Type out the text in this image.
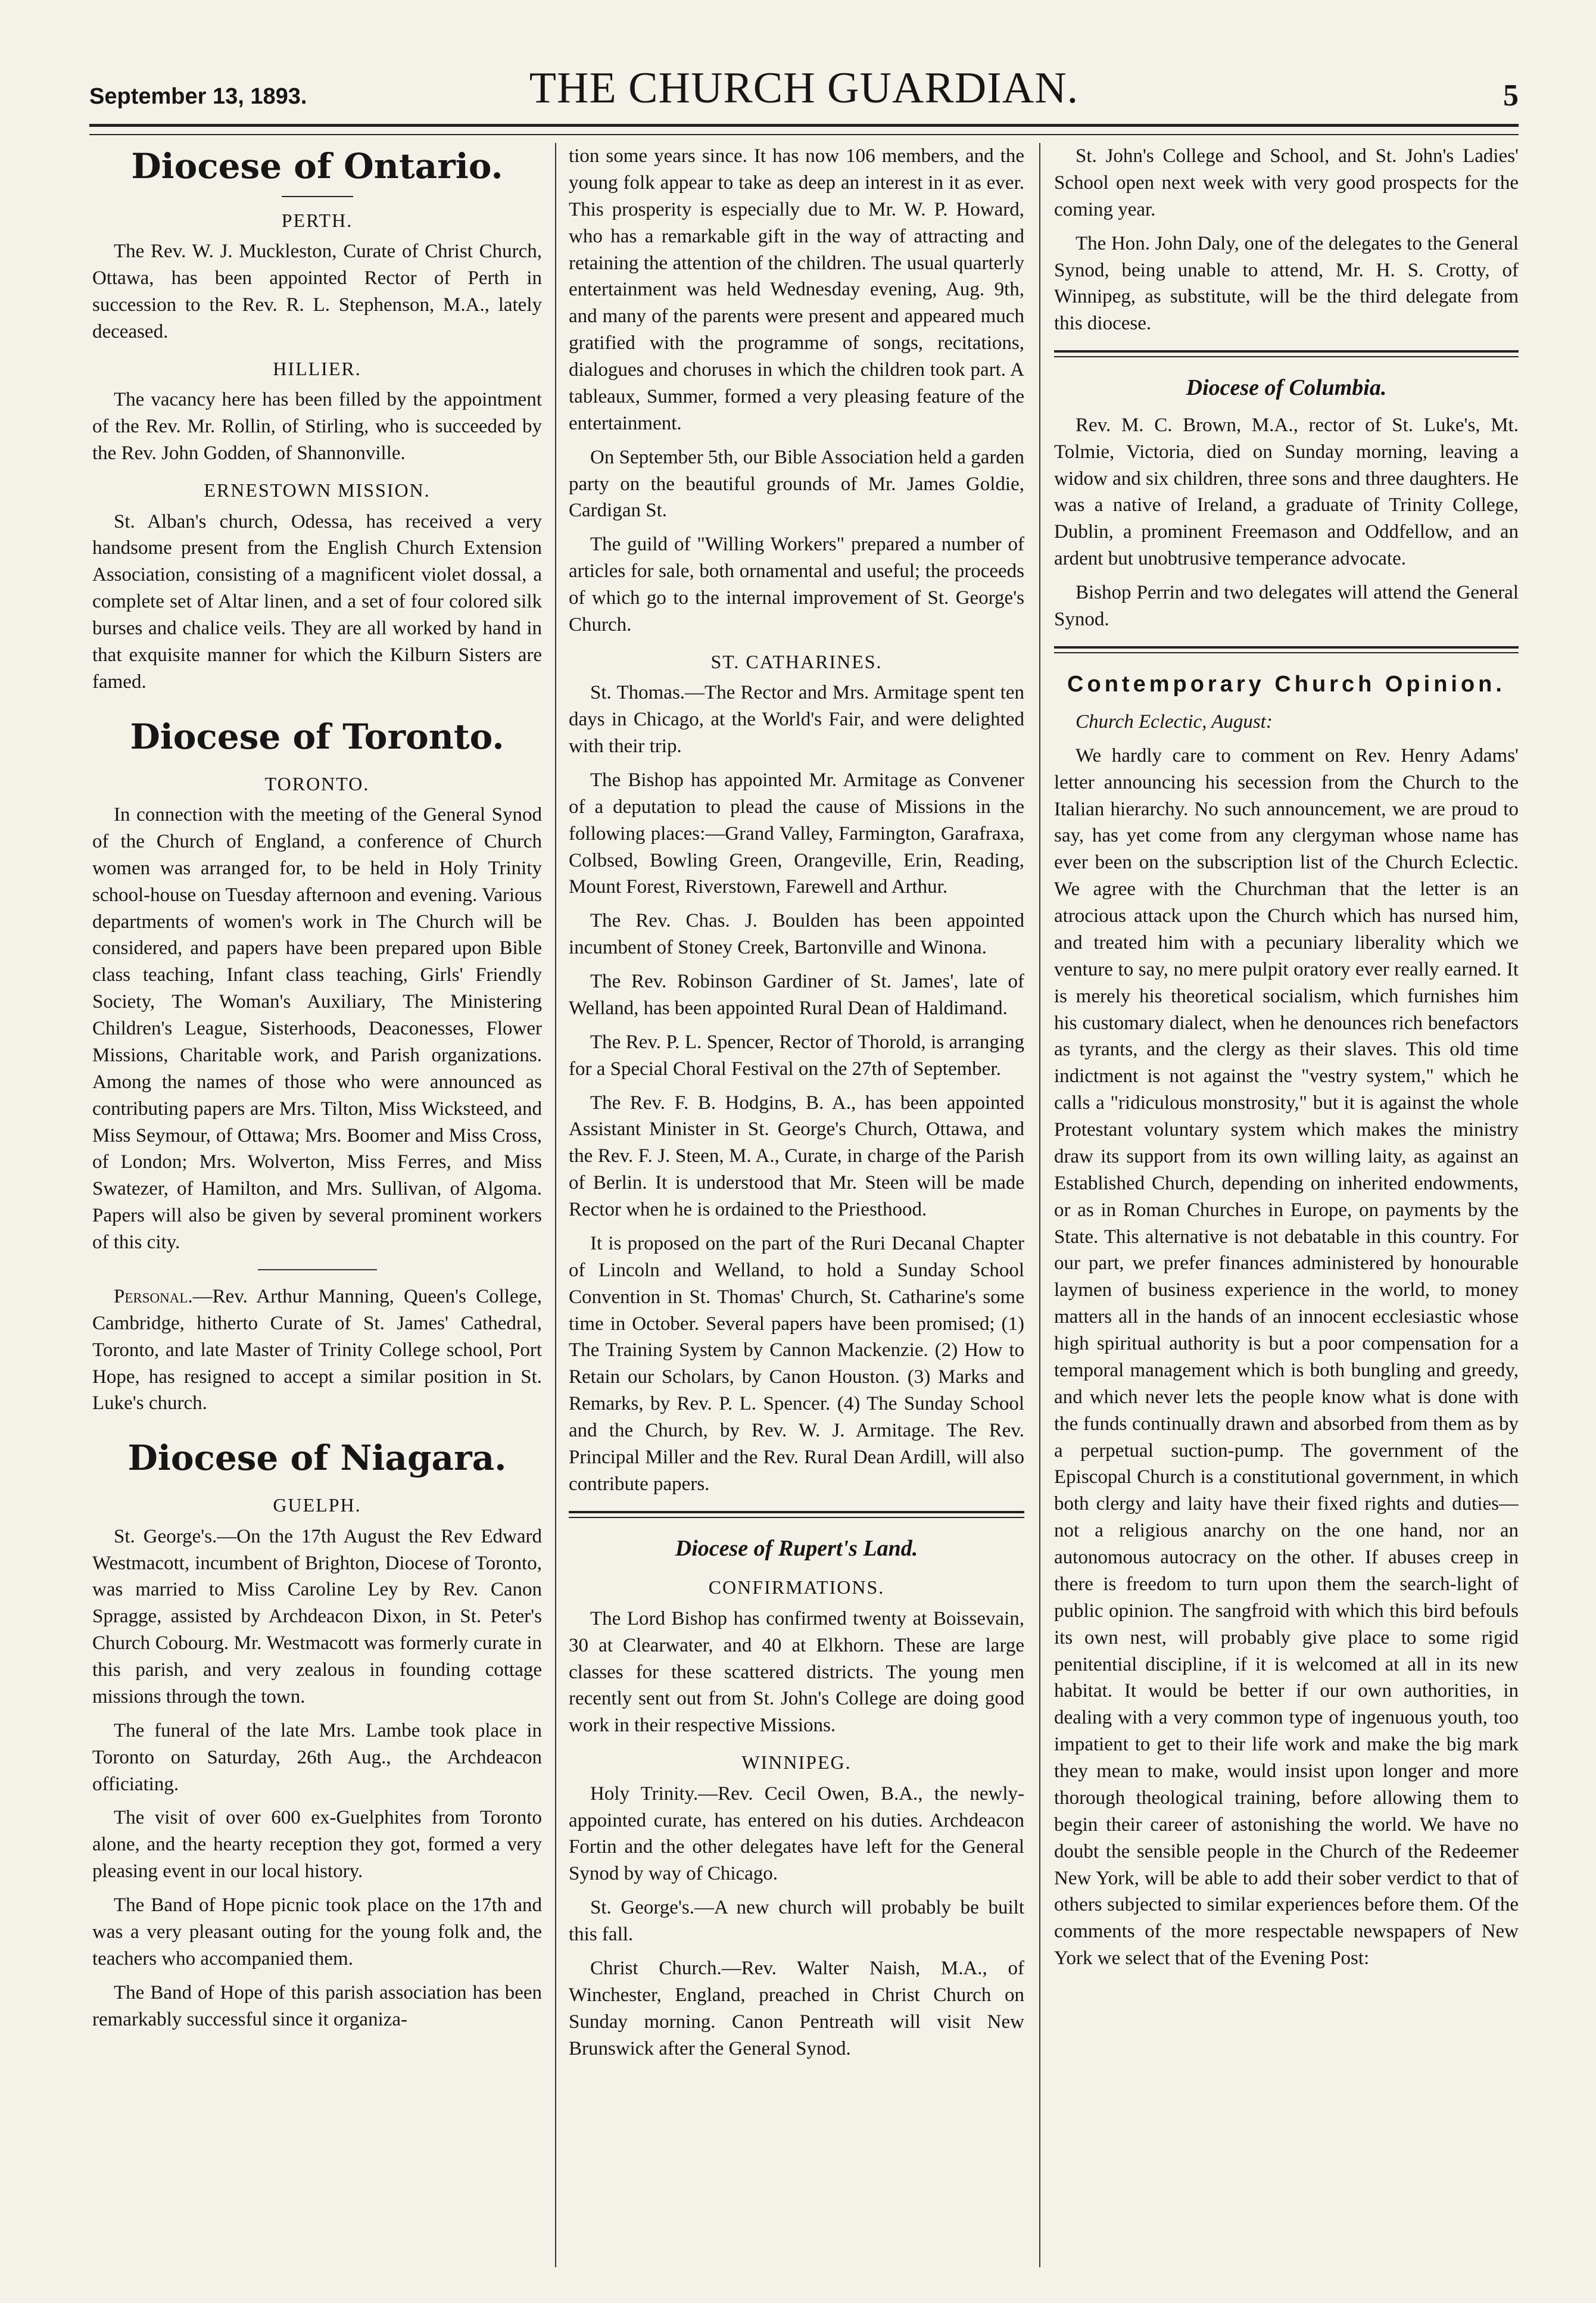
September 13, 1893.	THE CHURCH GUARDIAN.	5
Diocese of Ontario.
PERTH.

The Rev. W. J. Muckleston, Curate of Christ Church, Ottawa, has been appointed Rector of Perth in succession to the Rev. R. L. Stephenson, M.A., lately deceased.

HILLIER.

The vacancy here has been filled by the appointment of the Rev. Mr. Rollin, of Stirling, who is succeeded by the Rev. John Godden, of Shannonville.

ERNESTOWN MISSION.

St. Alban's church, Odessa, has received a very handsome present from the English Church Extension Association, consisting of a magnificent violet dossal, a complete set of Altar linen, and a set of four colored silk burses and chalice veils. They are all worked by hand in that exquisite manner for which the Kilburn Sisters are famed.

Diocese of Toronto.
TORONTO.

In connection with the meeting of the General Synod of the Church of England, a conference of Church women was arranged for, to be held in Holy Trinity school-house on Tuesday afternoon and evening. Various departments of women's work in The Church will be considered, and papers have been prepared upon Bible class teaching, Infant class teaching, Girls' Friendly Society, The Woman's Auxiliary, The Ministering Children's League, Sisterhoods, Deaconesses, Flower Missions, Charitable work, and Parish organizations. Among the names of those who were announced as contributing papers are Mrs. Tilton, Miss Wicksteed, and Miss Seymour, of Ottawa; Mrs. Boomer and Miss Cross, of London; Mrs. Wolverton, Miss Ferres, and Miss Swatezer, of Hamilton, and Mrs. Sullivan, of Algoma. Papers will also be given by several prominent workers of this city.

Personal.—Rev. Arthur Manning, Queen's College, Cambridge, hitherto Curate of St. James' Cathedral, Toronto, and late Master of Trinity College school, Port Hope, has resigned to accept a similar position in St. Luke's church.

Diocese of Niagara.
GUELPH.

St. George's.—On the 17th August the Rev Edward Westmacott, incumbent of Brighton, Diocese of Toronto, was married to Miss Caroline Ley by Rev. Canon Spragge, assisted by Archdeacon Dixon, in St. Peter's Church Cobourg. Mr. Westmacott was formerly curate in this parish, and very zealous in founding cottage missions through the town.

The funeral of the late Mrs. Lambe took place in Toronto on Saturday, 26th Aug., the Archdeacon officiating.

The visit of over 600 ex-Guelphites from Toronto alone, and the hearty reception they got, formed a very pleasing event in our local history.

The Band of Hope picnic took place on the 17th and was a very pleasant outing for the young folk and, the teachers who accompanied them.

The Band of Hope of this parish association has been remarkably successful since it organiza-

tion some years since. It has now 106 members, and the young folk appear to take as deep an interest in it as ever. This prosperity is especially due to Mr. W. P. Howard, who has a remarkable gift in the way of attracting and retaining the attention of the children. The usual quarterly entertainment was held Wednesday evening, Aug. 9th, and many of the parents were present and appeared much gratified with the programme of songs, recitations, dialogues and choruses in which the children took part. A tableaux, Summer, formed a very pleasing feature of the entertainment.

On September 5th, our Bible Association held a garden party on the beautiful grounds of Mr. James Goldie, Cardigan St.

The guild of "Willing Workers" prepared a number of articles for sale, both ornamental and useful; the proceeds of which go to the internal improvement of St. George's Church.

ST. CATHARINES.

St. Thomas.—The Rector and Mrs. Armitage spent ten days in Chicago, at the World's Fair, and were delighted with their trip.

The Bishop has appointed Mr. Armitage as Convener of a deputation to plead the cause of Missions in the following places:—Grand Valley, Farmington, Garafraxa, Colbsed, Bowling Green, Orangeville, Erin, Reading, Mount Forest, Riverstown, Farewell and Arthur.

The Rev. Chas. J. Boulden has been appointed incumbent of Stoney Creek, Bartonville and Winona.

The Rev. Robinson Gardiner of St. James', late of Welland, has been appointed Rural Dean of Haldimand.

The Rev. P. L. Spencer, Rector of Thorold, is arranging for a Special Choral Festival on the 27th of September.

The Rev. F. B. Hodgins, B. A., has been appointed Assistant Minister in St. George's Church, Ottawa, and the Rev. F. J. Steen, M. A., Curate, in charge of the Parish of Berlin. It is understood that Mr. Steen will be made Rector when he is ordained to the Priesthood.

It is proposed on the part of the Ruri Decanal Chapter of Lincoln and Welland, to hold a Sunday School Convention in St. Thomas' Church, St. Catharine's some time in October. Several papers have been promised; (1) The Training System by Cannon Mackenzie. (2) How to Retain our Scholars, by Canon Houston. (3) Marks and Remarks, by Rev. P. L. Spencer. (4) The Sunday School and the Church, by Rev. W. J. Armitage. The Rev. Principal Miller and the Rev. Rural Dean Ardill, will also contribute papers.

Diocese of Rupert's Land.
CONFIRMATIONS.

The Lord Bishop has confirmed twenty at Boissevain, 30 at Clearwater, and 40 at Elkhorn. These are large classes for these scattered districts. The young men recently sent out from St. John's College are doing good work in their respective Missions.

WINNIPEG.

Holy Trinity.—Rev. Cecil Owen, B.A., the newly-appointed curate, has entered on his duties. Archdeacon Fortin and the other delegates have left for the General Synod by way of Chicago.

St. George's.—A new church will probably be built this fall.

Christ Church.—Rev. Walter Naish, M.A., of Winchester, England, preached in Christ Church on Sunday morning. Canon Pentreath will visit New Brunswick after the General Synod.

St. John's College and School, and St. John's Ladies' School open next week with very good prospects for the coming year.

The Hon. John Daly, one of the delegates to the General Synod, being unable to attend, Mr. H. S. Crotty, of Winnipeg, as substitute, will be the third delegate from this diocese.

Diocese of Columbia.

Rev. M. C. Brown, M.A., rector of St. Luke's, Mt. Tolmie, Victoria, died on Sunday morning, leaving a widow and six children, three sons and three daughters. He was a native of Ireland, a graduate of Trinity College, Dublin, a prominent Freemason and Oddfellow, and an ardent but unobtrusive temperance advocate.

Bishop Perrin and two delegates will attend the General Synod.

Contemporary Church Opinion.

Church Eclectic, August:

We hardly care to comment on Rev. Henry Adams' letter announcing his secession from the Church to the Italian hierarchy. No such announcement, we are proud to say, has yet come from any clergyman whose name has ever been on the subscription list of the Church Eclectic. We agree with the Churchman that the letter is an atrocious attack upon the Church which has nursed him, and treated him with a pecuniary liberality which we venture to say, no mere pulpit oratory ever really earned. It is merely his theoretical socialism, which furnishes him his customary dialect, when he denounces rich benefactors as tyrants, and the clergy as their slaves. This old time indictment is not against the "vestry system," which he calls a "ridiculous monstrosity," but it is against the whole Protestant voluntary system which makes the ministry draw its support from its own willing laity, as against an Established Church, depending on inherited endowments, or as in Roman Churches in Europe, on payments by the State. This alternative is not debatable in this country. For our part, we prefer finances administered by honourable laymen of business experience in the world, to money matters all in the hands of an innocent ecclesiastic whose high spiritual authority is but a poor compensation for a temporal management which is both bungling and greedy, and which never lets the people know what is done with the funds continually drawn and absorbed from them as by a perpetual suction-pump. The government of the Episcopal Church is a constitutional government, in which both clergy and laity have their fixed rights and duties—not a religious anarchy on the one hand, nor an autonomous autocracy on the other. If abuses creep in there is freedom to turn upon them the search-light of public opinion. The sangfroid with which this bird befouls its own nest, will probably give place to some rigid penitential discipline, if it is welcomed at all in its new habitat. It would be better if our own authorities, in dealing with a very common type of ingenuous youth, too impatient to get to their life work and make the big mark they mean to make, would insist upon longer and more thorough theological training, before allowing them to begin their career of astonishing the world. We have no doubt the sensible people in the Church of the Redeemer New York, will be able to add their sober verdict to that of others subjected to similar experiences before them. Of the comments of the more respectable newspapers of New York we select that of the Evening Post:
